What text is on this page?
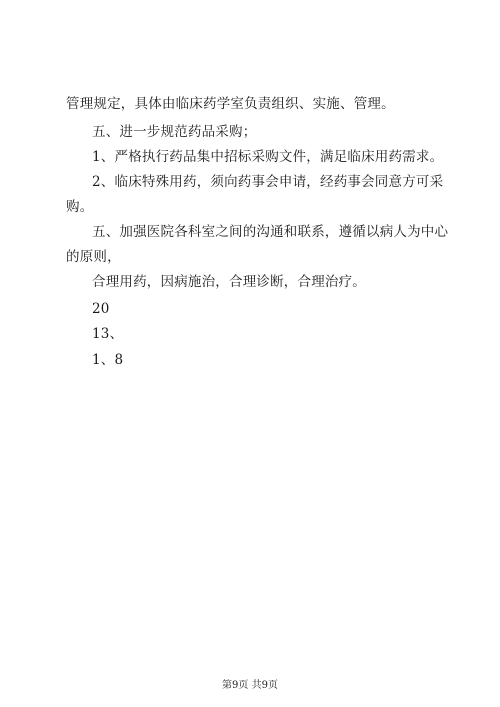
管理规定，具体由临床药学室负责组织、实施、管理。
五、进一步规范药品采购；
1、严格执行药品集中招标采购文件，满足临床用药需求。
2、临床特殊用药，须向药事会申请，经药事会同意方可采
购。
五、加强医院各科室之间的沟通和联系，遵循以病人为中心
的原则，
合理用药，因病施治，合理诊断，合理治疗。
20
13、
1、8
第9页 共9页
